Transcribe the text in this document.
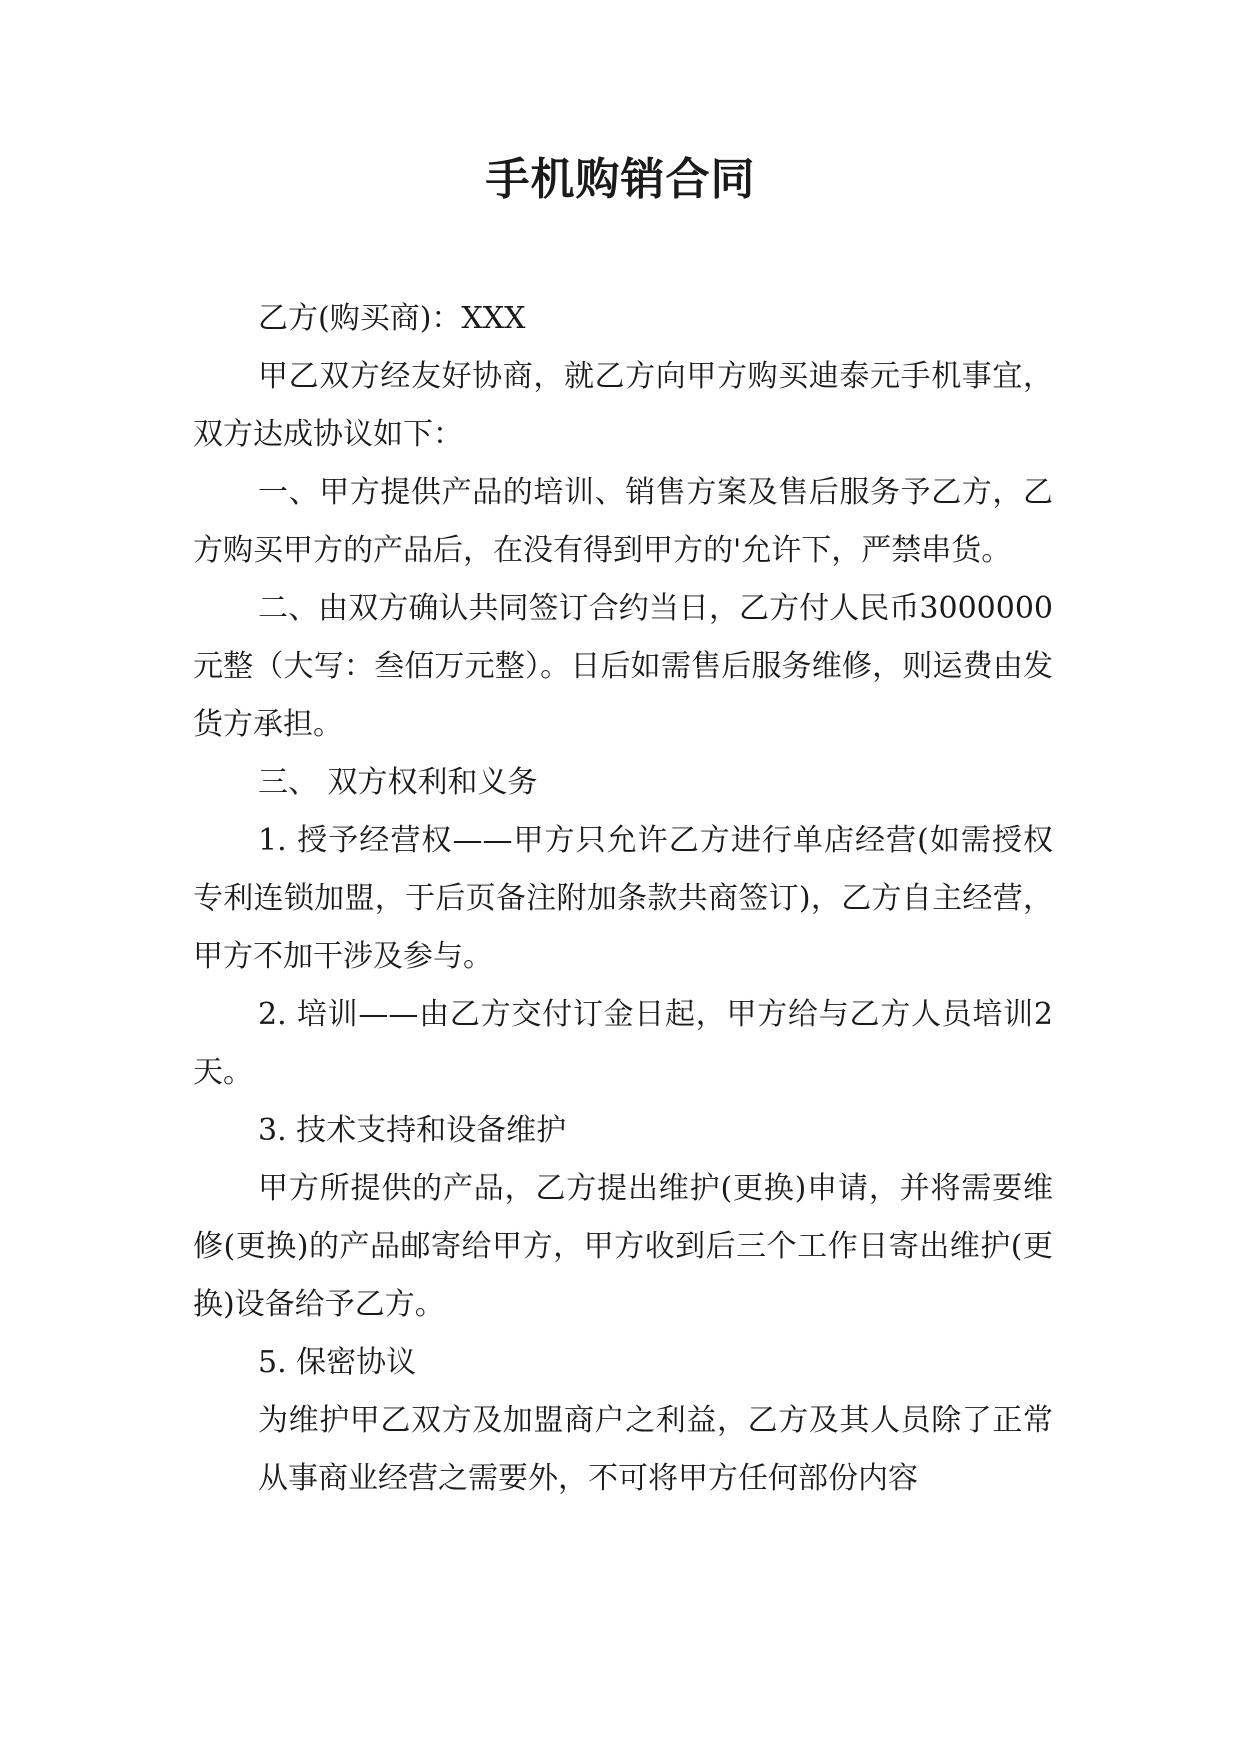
手机购销合同

乙方(购买商)：XXX

甲乙双方经友好协商，就乙方向甲方购买迪泰元手机事宜，双方达成协议如下：

一、甲方提供产品的培训、销售方案及售后服务予乙方，乙方购买甲方的产品后，在没有得到甲方的'允许下，严禁串货。

二、由双方确认共同签订合约当日，乙方付人民币3000000元整（大写：叁佰万元整）。日后如需售后服务维修，则运费由发货方承担。

三、 双方权利和义务

1. 授予经营权——甲方只允许乙方进行单店经营(如需授权专利连锁加盟，于后页备注附加条款共商签订)，乙方自主经营，甲方不加干涉及参与。

2. 培训——由乙方交付订金日起，甲方给与乙方人员培训2天。

3. 技术支持和设备维护

甲方所提供的产品，乙方提出维护(更换)申请，并将需要维修(更换)的产品邮寄给甲方，甲方收到后三个工作日寄出维护(更换)设备给予乙方。

5. 保密协议

为维护甲乙双方及加盟商户之利益，乙方及其人员除了正常从事商业经营之需要外，不可将甲方任何部份内容
